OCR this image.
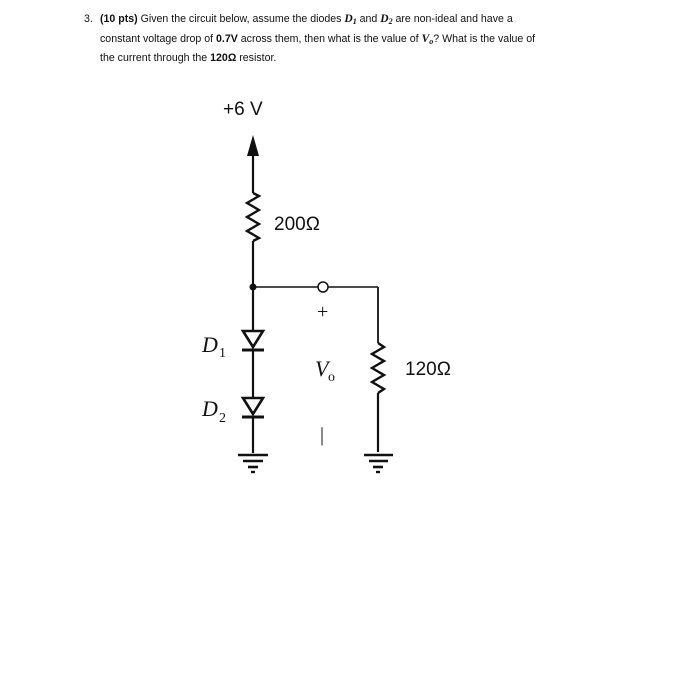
3. (10 pts) Given the circuit below, assume the diodes $D_1$ and $D_2$ are non-ideal and have a
constant voltage drop of 0.7V across them, then what is the value of $V_o$? What is the value of
the current through the 120Ω resistor.
+6 V
200Ω
120Ω
D 1
D 2
+
V o
|
